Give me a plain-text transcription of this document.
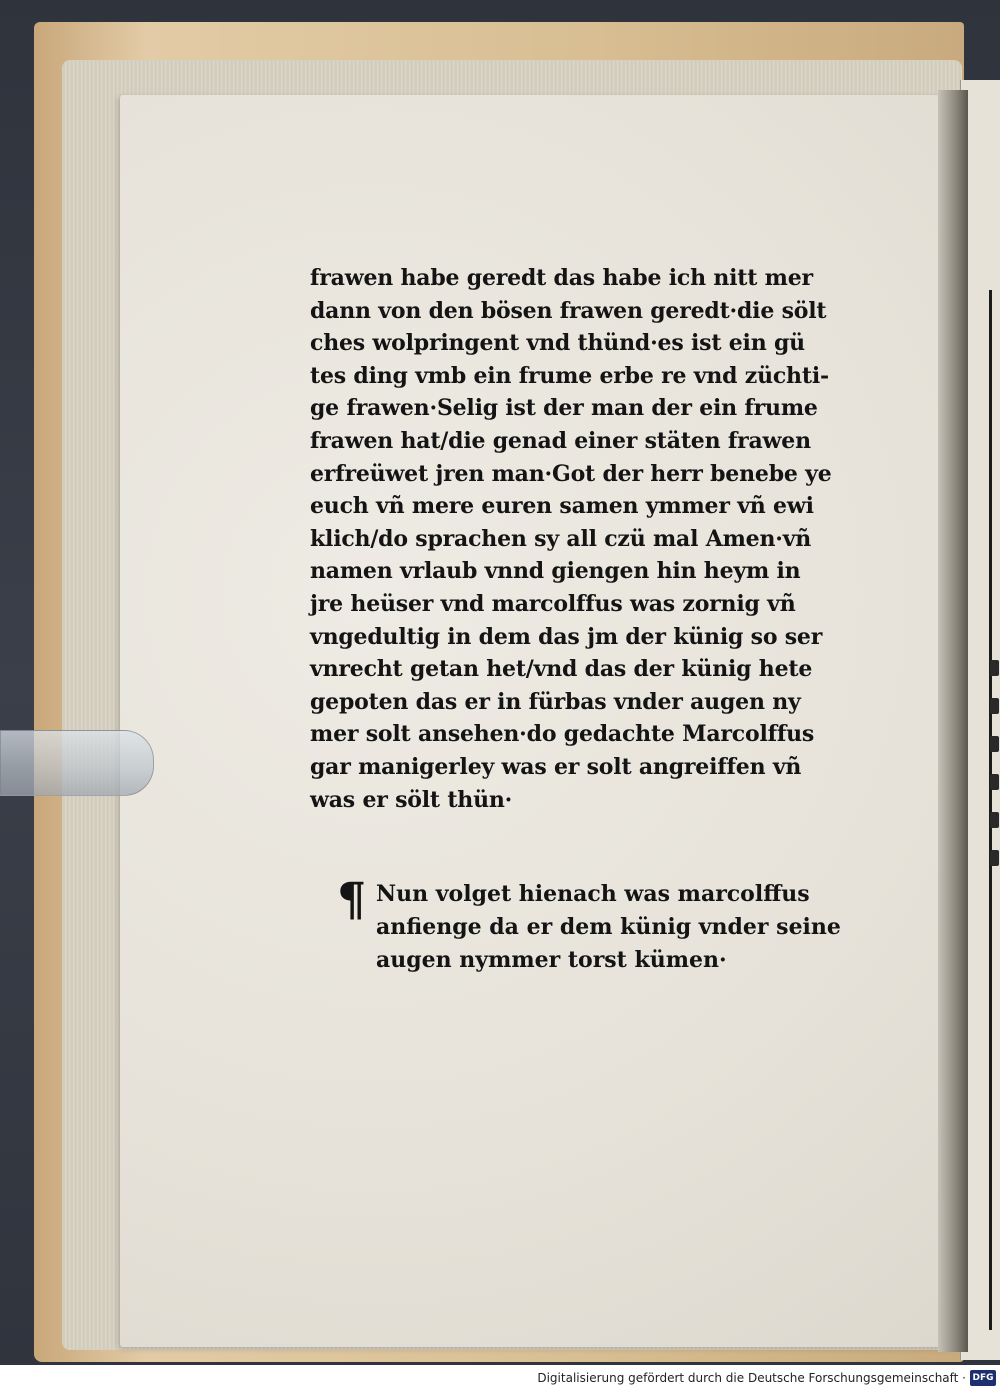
frawen habe geredt das habe ich nitt mer
dann von den bösen frawen geredt·die sölt
ches wolpringent vnd thünd·es ist ein gü
tes ding vmb ein frume erbe re vnd züchti-
ge frawen·Selig ist der man der ein frume
frawen hat/die genad einer stäten frawen
erfreüwet jren man·Got der herr benebe ye
euch vñ mere euren samen ymmer vñ ewi
klich/do sprachen sy all czü mal Amen·vñ
namen vrlaub vnnd giengen hin heym in
jre heüser vnd marcolffus was zornig vñ
vngedultig in dem das jm der künig so ser
vnrecht getan het/vnd das der künig hete
gepoten das er in fürbas vnder augen ny
mer solt ansehen·do gedachte Marcolffus
gar manigerley was er solt angreiffen vñ
was er sölt thün·
¶ Nun volget hienach was marcolffus
anfienge da er dem künig vnder seine
augen nymmer torst kümen·
Digitalisierung gefördert durch die Deutsche Forschungsgemeinschaft · DFG
